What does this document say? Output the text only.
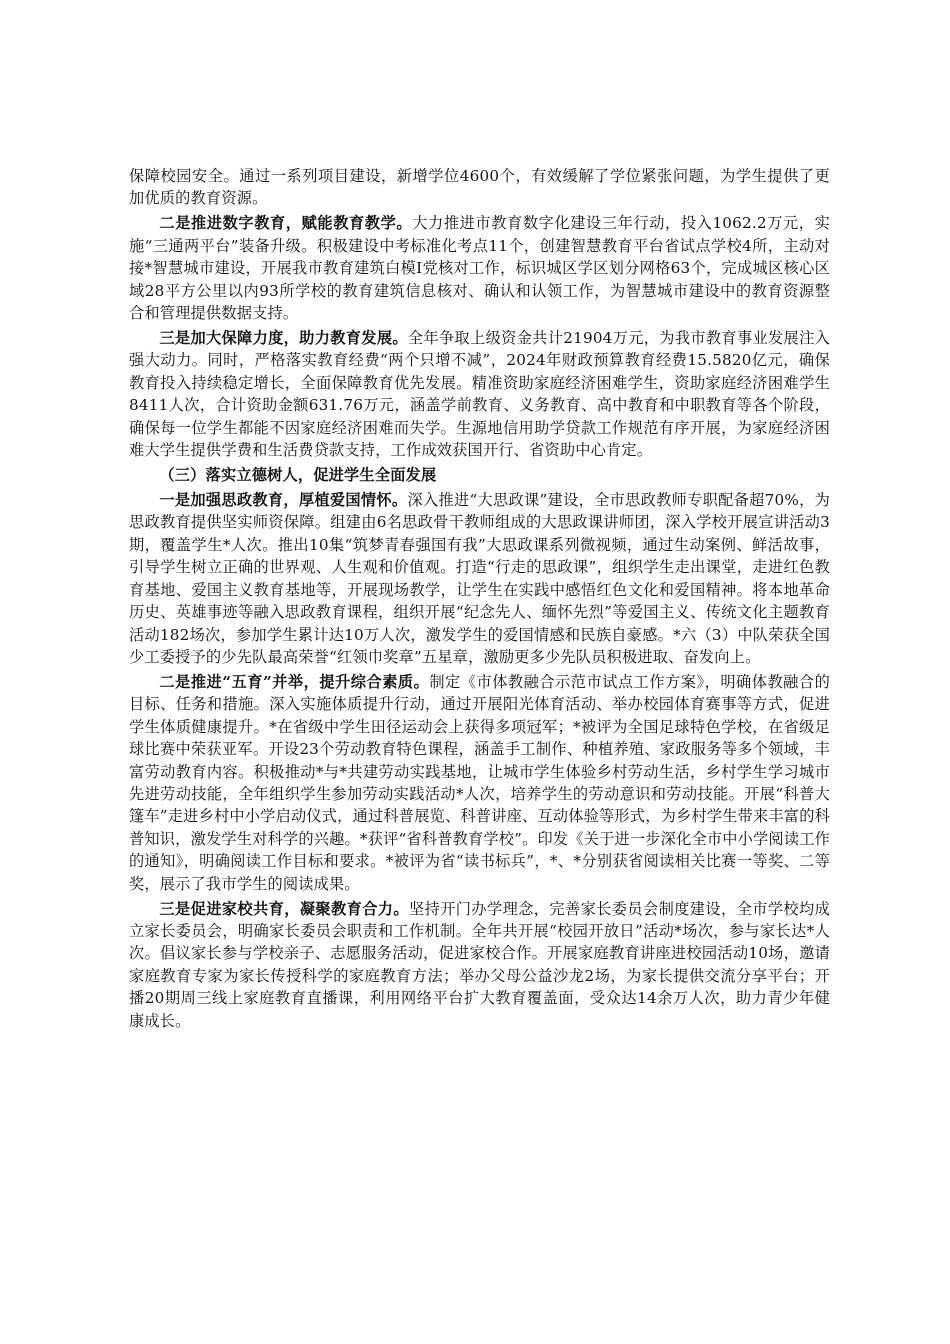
保障校园安全。通过一系列项目建设，新增学位4600个，有效缓解了学位紧张问题，为学生提供了更加优质的教育资源。

二是推进数字教育，赋能教育教学。大力推进市教育数字化建设三年行动，投入1062.2万元，实施“三通两平台”装备升级。积极建设中考标准化考点11个，创建智慧教育平台省试点学校4所，主动对接*智慧城市建设，开展我市教育建筑白模Ⅰ党核对工作，标识城区学区划分网格63个，完成城区核心区域28平方公里以内93所学校的教育建筑信息核对、确认和认领工作，为智慧城市建设中的教育资源整合和管理提供数据支持。

三是加大保障力度，助力教育发展。全年争取上级资金共计21904万元，为我市教育事业发展注入强大动力。同时，严格落实教育经费“两个只增不减”，2024年财政预算教育经费15.5820亿元，确保教育投入持续稳定增长，全面保障教育优先发展。精准资助家庭经济困难学生，资助家庭经济困难学生8411人次，合计资助金额631.76万元，涵盖学前教育、义务教育、高中教育和中职教育等各个阶段，确保每一位学生都能不因家庭经济困难而失学。生源地信用助学贷款工作规范有序开展，为家庭经济困难大学生提供学费和生活费贷款支持，工作成效获国开行、省资助中心肯定。

（三）落实立德树人，促进学生全面发展

一是加强思政教育，厚植爱国情怀。深入推进“大思政课”建设，全市思政教师专职配备超70%，为思政教育提供坚实师资保障。组建由6名思政骨干教师组成的大思政课讲师团，深入学校开展宣讲活动3期，覆盖学生*人次。推出10集“筑梦青春强国有我”大思政课系列微视频，通过生动案例、鲜活故事，引导学生树立正确的世界观、人生观和价值观。打造“行走的思政课”，组织学生走出课堂，走进红色教育基地、爱国主义教育基地等，开展现场教学，让学生在实践中感悟红色文化和爱国精神。将本地革命历史、英雄事迹等融入思政教育课程，组织开展“纪念先人、缅怀先烈”等爱国主义、传统文化主题教育活动182场次，参加学生累计达10万人次，激发学生的爱国情感和民族自豪感。*六（3）中队荣获全国少工委授予的少先队最高荣誉“红领巾奖章”五星章，激励更多少先队员积极进取、奋发向上。

二是推进“五育”并举，提升综合素质。制定《市体教融合示范市试点工作方案》，明确体教融合的目标、任务和措施。深入实施体质提升行动，通过开展阳光体育活动、举办校园体育赛事等方式，促进学生体质健康提升。*在省级中学生田径运动会上获得多项冠军；*被评为全国足球特色学校，在省级足球比赛中荣获亚军。开设23个劳动教育特色课程，涵盖手工制作、种植养殖、家政服务等多个领域，丰富劳动教育内容。积极推动*与*共建劳动实践基地，让城市学生体验乡村劳动生活，乡村学生学习城市先进劳动技能，全年组织学生参加劳动实践活动*人次，培养学生的劳动意识和劳动技能。开展“科普大篷车”走进乡村中小学启动仪式，通过科普展览、科普讲座、互动体验等形式，为乡村学生带来丰富的科普知识，激发学生对科学的兴趣。*获评“省科普教育学校”。印发《关于进一步深化全市中小学阅读工作的通知》，明确阅读工作目标和要求。*被评为省“读书标兵”，*、*分别获省阅读相关比赛一等奖、二等奖，展示了我市学生的阅读成果。

三是促进家校共育，凝聚教育合力。坚持开门办学理念，完善家长委员会制度建设，全市学校均成立家长委员会，明确家长委员会职责和工作机制。全年共开展“校园开放日”活动*场次，参与家长达*人次。倡议家长参与学校亲子、志愿服务活动，促进家校合作。开展家庭教育讲座进校园活动10场，邀请家庭教育专家为家长传授科学的家庭教育方法；举办父母公益沙龙2场，为家长提供交流分享平台；开播20期周三线上家庭教育直播课，利用网络平台扩大教育覆盖面，受众达14余万人次，助力青少年健康成长。
